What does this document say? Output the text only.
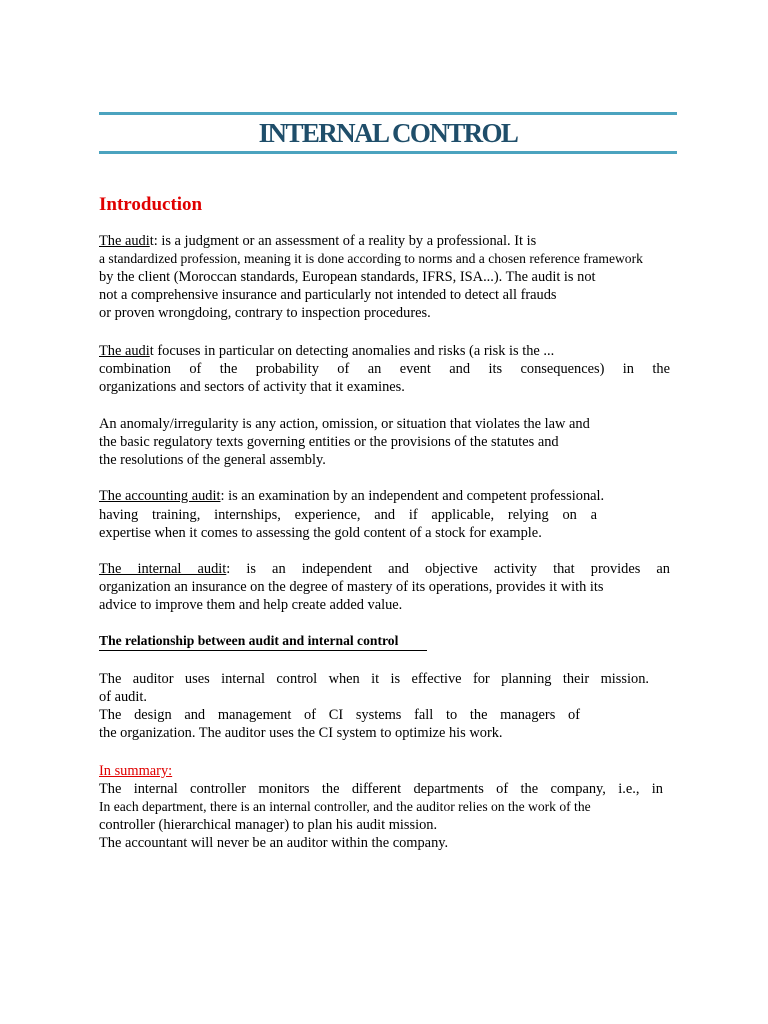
INTERNAL CONTROL
Introduction
The audit: is a judgment or an assessment of a reality by a professional. It is
a standardized profession, meaning it is done according to norms and a chosen reference framework
by the client (Moroccan standards, European standards, IFRS, ISA...). The audit is not
not a comprehensive insurance and particularly not intended to detect all frauds
or proven wrongdoing, contrary to inspection procedures.
The audit focuses in particular on detecting anomalies and risks (a risk is the ...
combination of the probability of an event and its consequences) in the
organizations and sectors of activity that it examines.
An anomaly/irregularity is any action, omission, or situation that violates the law and
the basic regulatory texts governing entities or the provisions of the statutes and
the resolutions of the general assembly.
The accounting audit: is an examination by an independent and competent professional.
having training, internships, experience, and if applicable, relying on a
expertise when it comes to assessing the gold content of a stock for example.
The internal audit: is an independent and objective activity that provides an
organization an insurance on the degree of mastery of its operations, provides it with its
advice to improve them and help create added value.
The relationship between audit and internal control
The auditor uses internal control when it is effective for planning their mission.
of audit.
The design and management of CI systems fall to the managers of
the organization. The auditor uses the CI system to optimize his work.
In summary:
The internal controller monitors the different departments of the company, i.e., in
In each department, there is an internal controller, and the auditor relies on the work of the
controller (hierarchical manager) to plan his audit mission.
The accountant will never be an auditor within the company.
